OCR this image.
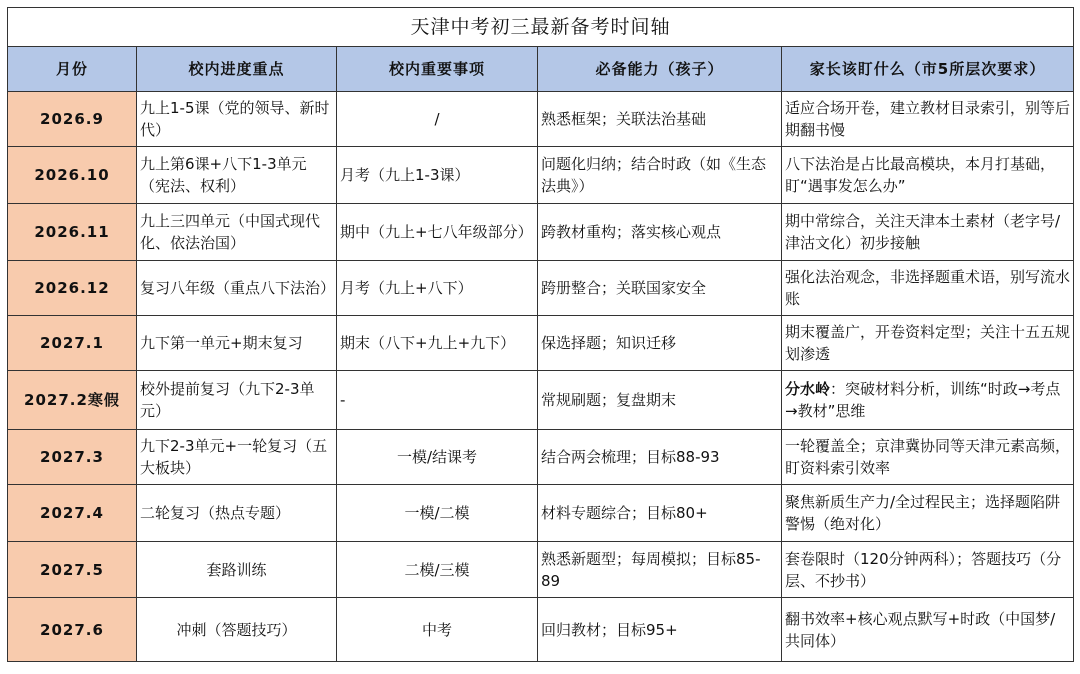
天津中考初三最新备考时间轴				
月份	校内进度重点	校内重要事项	必备能力（孩子）	家长该盯什么（市5所层次要求）
2026.9	九上1-5课（党的领导、新时代）	/	熟悉框架；关联法治基础	适应合场开卷，建立教材目录索引，别等后期翻书慢
2026.10	九上第6课+八下1-3单元（宪法、权利）	月考（九上1-3课）	问题化归纳；结合时政（如《生态法典》）	八下法治是占比最高模块，本月打基础，盯“遇事发怎么办”
2026.11	九上三四单元（中国式现代化、依法治国）	期中（九上+七八年级部分）	跨教材重构；落实核心观点	期中常综合，关注天津本土素材（老字号/津沽文化）初步接触
2026.12	复习八年级（重点八下法治）	月考（九上+八下）	跨册整合；关联国家安全	强化法治观念，非选择题重术语，别写流水账
2027.1	九下第一单元+期末复习	期末（八下+九上+九下）	保选择题；知识迁移	期末覆盖广，开卷资料定型；关注十五五规划渗透
2027.2寒假	校外提前复习（九下2-3单元）	-	常规刷题；复盘期末	分水岭：突破材料分析，训练“时政→考点→教材”思维
2027.3	九下2-3单元+一轮复习（五大板块）	一模/结课考	结合两会梳理；目标88-93	一轮覆盖全；京津冀协同等天津元素高频，盯资料索引效率
2027.4	二轮复习（热点专题）	一模/二模	材料专题综合；目标80+	聚焦新质生产力/全过程民主；选择题陷阱警惕（绝对化）
2027.5	套路训练	二模/三模	熟悉新题型；每周模拟；目标85-89	套卷限时（120分钟两科）；答题技巧（分层、不抄书）
2027.6	冲刺（答题技巧）	中考	回归教材；目标95+	翻书效率+核心观点默写+时政（中国梦/共同体）
